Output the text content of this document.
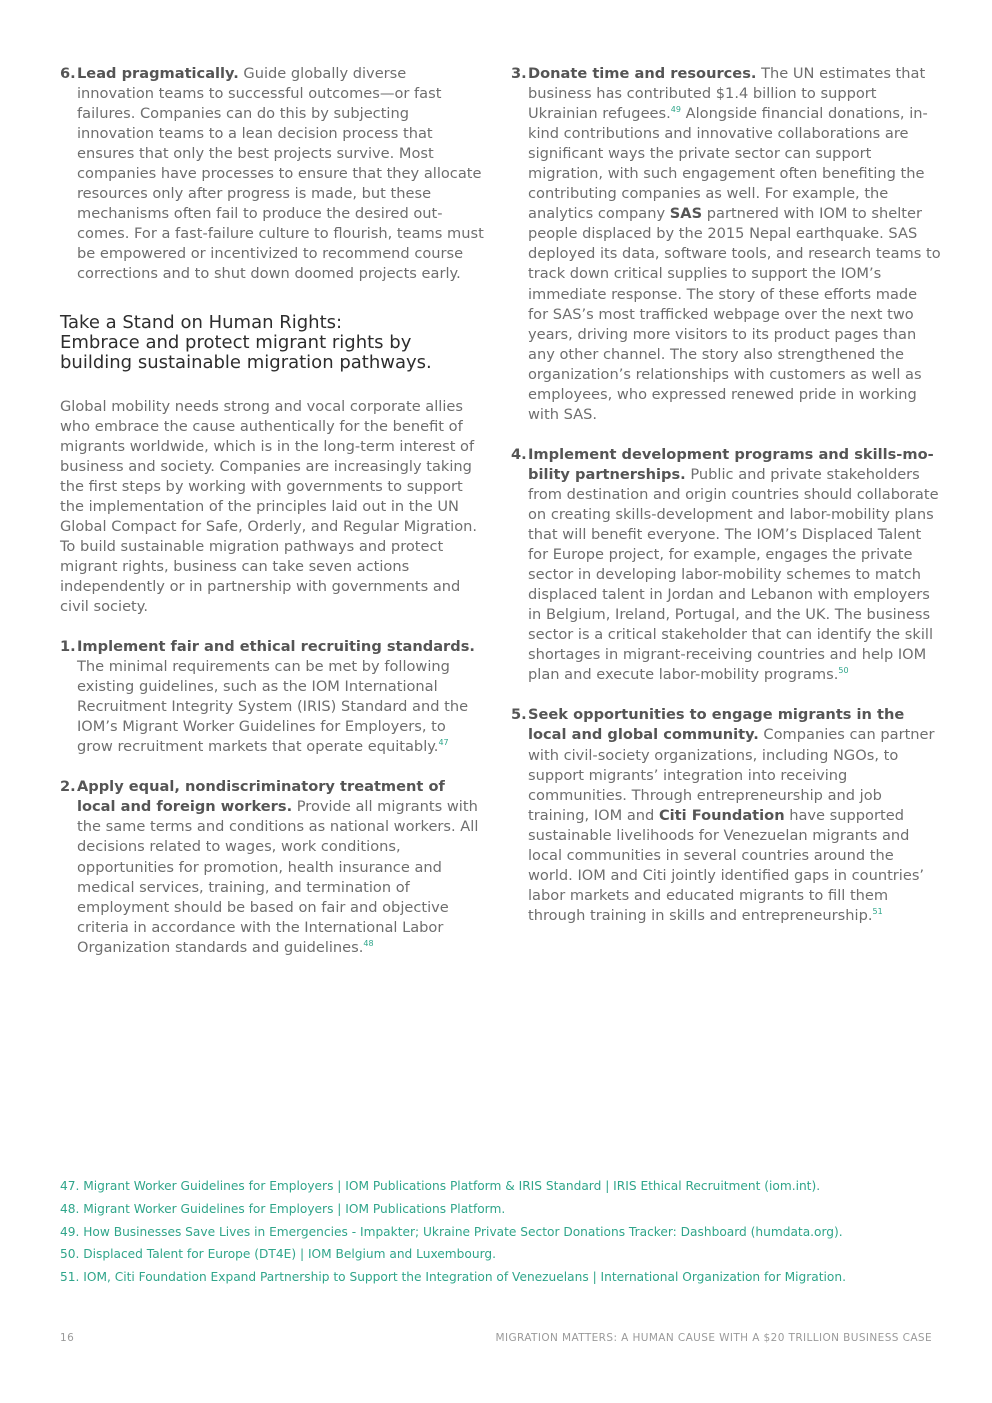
6. Lead pragmatically. Guide globally diverse innovation teams to successful outcomes—or fast failures. Companies can do this by subjecting innovation teams to a lean decision process that ensures that only the best projects survive. Most companies have processes to ensure that they allocate resources only after progress is made, but these mechanisms often fail to produce the desired outcomes. For a fast-failure culture to flourish, teams must be empowered or incentivized to recommend course corrections and to shut down doomed projects early.
Take a Stand on Human Rights:
Embrace and protect migrant rights by building sustainable migration pathways.

Global mobility needs strong and vocal corporate allies who embrace the cause authentically for the benefit of migrants worldwide, which is in the long-term interest of business and society. Companies are increasingly taking the first steps by working with governments to support the implementation of the principles laid out in the UN Global Compact for Safe, Orderly, and Regular Migration. To build sustainable migration pathways and protect migrant rights, business can take seven actions independently or in partnership with governments and civil society.

1. Implement fair and ethical recruiting standards. The minimal requirements can be met by following existing guidelines, such as the IOM International Recruitment Integrity System (IRIS) Standard and the IOM’s Migrant Worker Guidelines for Employers, to grow recruitment markets that operate equitably.$^{47}$
2. Apply equal, nondiscriminatory treatment of local and foreign workers. Provide all migrants with the same terms and conditions as national workers. All decisions related to wages, work conditions, opportunities for promotion, health insurance and medical services, training, and termination of employment should be based on fair and objective criteria in accordance with the International Labor Organization standards and guidelines.$^{48}$
3. Donate time and resources. The UN estimates that business has contributed $1.4 billion to support Ukrainian refugees.$^{49}$ Alongside financial donations, in-kind contributions and innovative collaborations are significant ways the private sector can support migration, with such engagement often benefiting the contributing companies as well. For example, the analytics company SAS partnered with IOM to shelter people displaced by the 2015 Nepal earthquake. SAS deployed its data, software tools, and research teams to track down critical supplies to support the IOM’s immediate response. The story of these efforts made for SAS’s most trafficked webpage over the next two years, driving more visitors to its product pages than any other channel. The story also strengthened the organization’s relationships with customers as well as employees, who expressed renewed pride in working with SAS.
4. Implement development programs and skills-mobility partnerships. Public and private stakeholders from destination and origin countries should collaborate on creating skills-development and labor-mobility plans that will benefit everyone. The IOM’s Displaced Talent for Europe project, for example, engages the private sector in developing labor-mobility schemes to match displaced talent in Jordan and Lebanon with employers in Belgium, Ireland, Portugal, and the UK. The business sector is a critical stakeholder that can identify the skill shortages in migrant-receiving countries and help IOM plan and execute labor-mobility programs.$^{50}$
5. Seek opportunities to engage migrants in the local and global community. Companies can partner with civil-society organizations, including NGOs, to support migrants’ integration into receiving communities. Through entrepreneurship and job training, IOM and Citi Foundation have supported sustainable livelihoods for Venezuelan migrants and local communities in several countries around the world. IOM and Citi jointly identified gaps in countries’ labor markets and educated migrants to fill them through training in skills and entrepreneurship.$^{51}$
47. Migrant Worker Guidelines for Employers | IOM Publications Platform & IRIS Standard | IRIS Ethical Recruitment (iom.int).
48. Migrant Worker Guidelines for Employers | IOM Publications Platform.
49. How Businesses Save Lives in Emergencies - Impakter; Ukraine Private Sector Donations Tracker: Dashboard (humdata.org).
50. Displaced Talent for Europe (DT4E) | IOM Belgium and Luxembourg.
51. IOM, Citi Foundation Expand Partnership to Support the Integration of Venezuelans | International Organization for Migration.
16	MIGRATION MATTERS: A HUMAN CAUSE WITH A $20 TRILLION BUSINESS CASE
